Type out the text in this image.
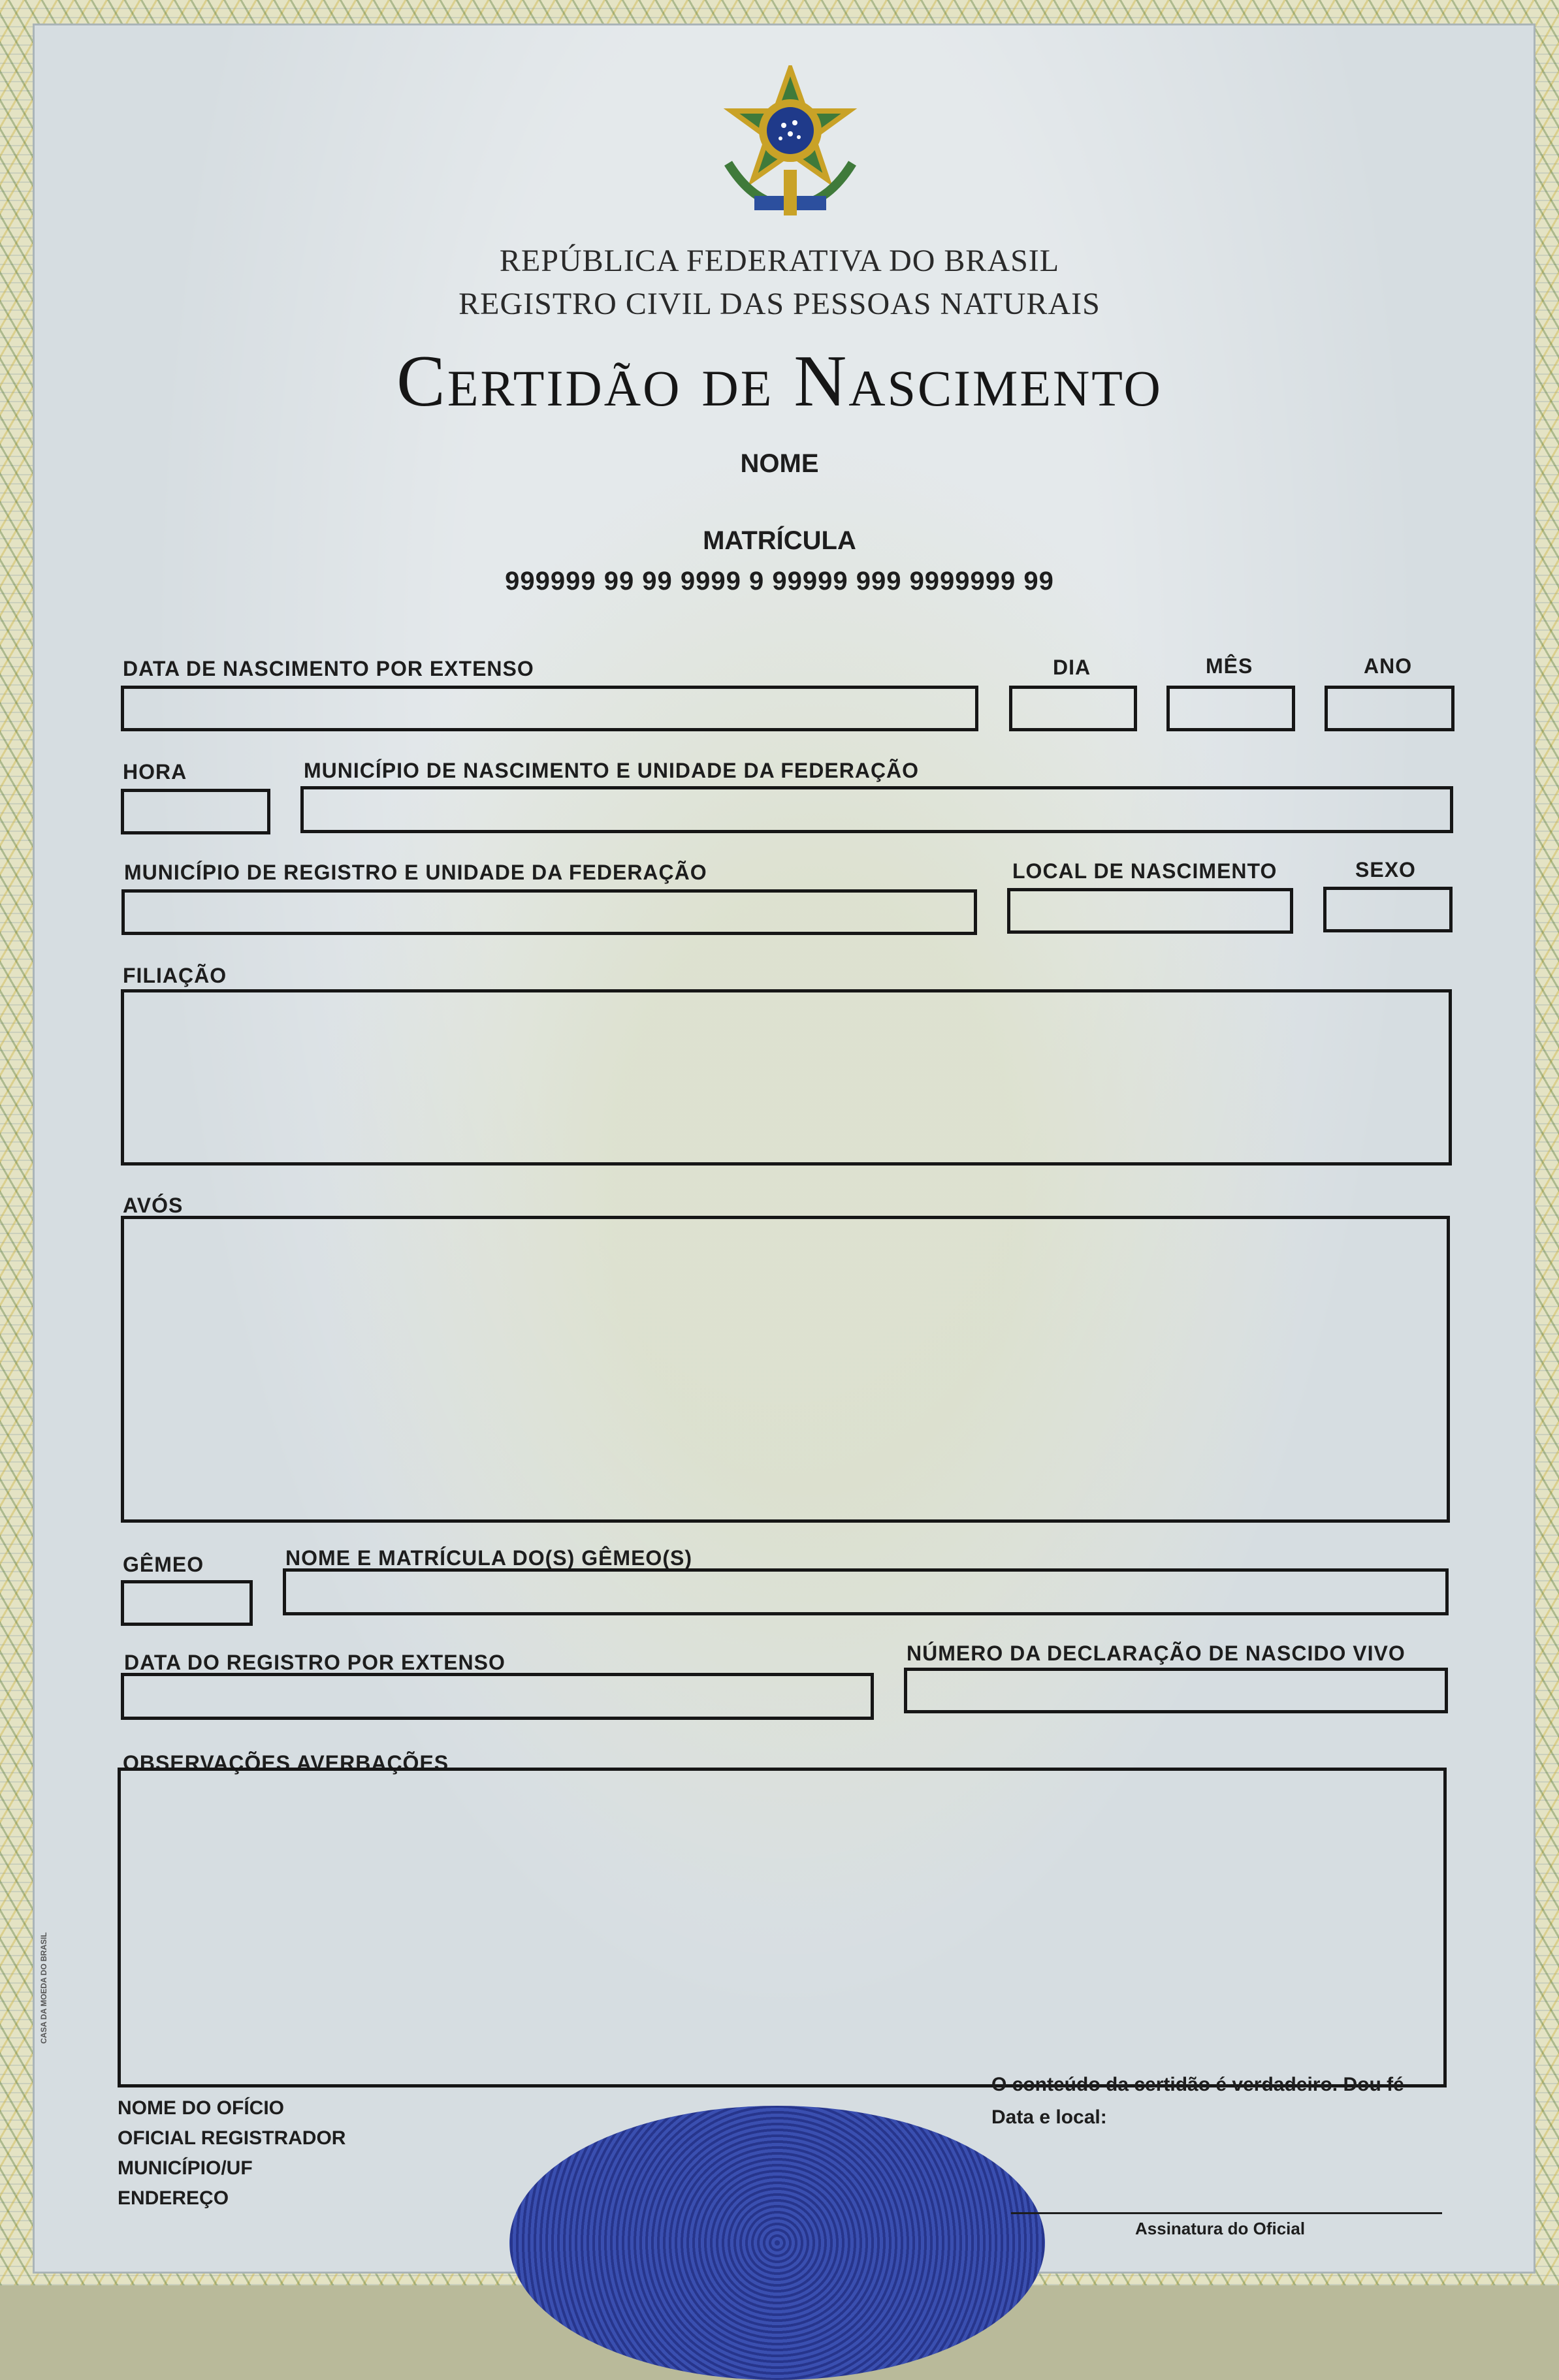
REPÚBLICA FEDERATIVA DO BRASIL
REGISTRO CIVIL DAS PESSOAS NATURAIS
Certidão de Nascimento
NOME
MATRÍCULA
999999 99 99 9999 9 99999 999 9999999 99
DATA DE NASCIMENTO POR EXTENSO	DIA	MÊS	ANO
HORA	MUNICÍPIO DE NASCIMENTO E UNIDADE DA FEDERAÇÃO
MUNICÍPIO DE REGISTRO E UNIDADE DA FEDERAÇÃO	LOCAL DE NASCIMENTO	SEXO
FILIAÇÃO
AVÓS
GÊMEO	NOME E MATRÍCULA DO(S) GÊMEO(S)
DATA DO REGISTRO POR EXTENSO	NÚMERO DA DECLARAÇÃO DE NASCIDO VIVO
OBSERVAÇÕES AVERBAÇÕES
NOME DO OFÍCIO
OFICIAL REGISTRADOR
MUNICÍPIO/UF
ENDEREÇO
O conteúdo da certidão é verdadeiro. Dou fé
Data e local:
Assinatura do Oficial
CASA DA MOEDA DO BRASIL
